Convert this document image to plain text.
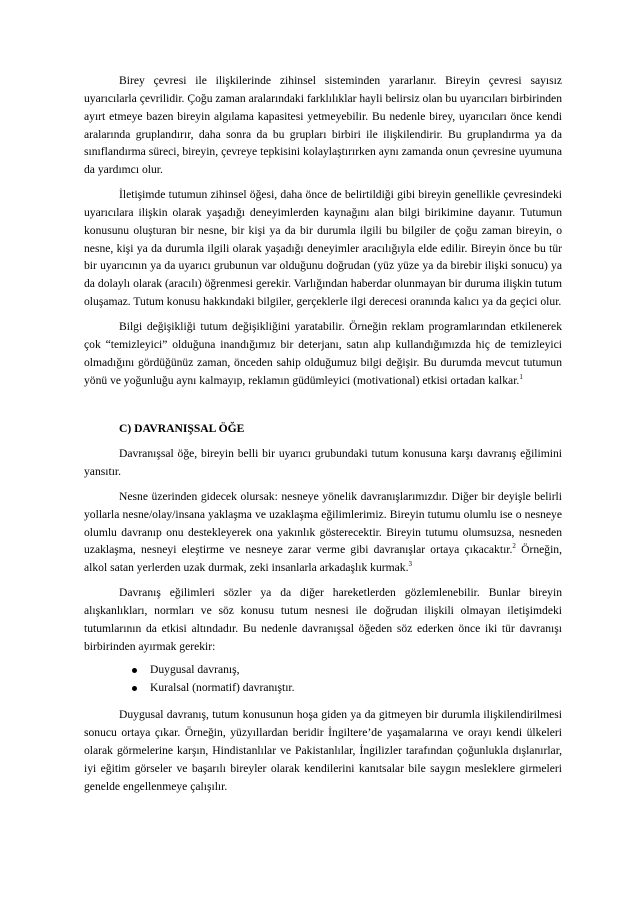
Birey çevresi ile ilişkilerinde zihinsel sisteminden yararlanır. Bireyin çevresi sayısız uyarıcılarla çevrilidir. Çoğu zaman aralarındaki farklılıklar hayli belirsiz olan bu uyarıcıları birbirinden ayırt etmeye bazen bireyin algılama kapasitesi yetmeyebilir. Bu nedenle birey, uyarıcıları önce kendi aralarında gruplandırır, daha sonra da bu grupları birbiri ile ilişkilendirir. Bu gruplandırma ya da sınıflandırma süreci, bireyin, çevreye tepkisini kolaylaştırırken aynı zamanda onun çevresine uyumuna da yardımcı olur.

İletişimde tutumun zihinsel öğesi, daha önce de belirtildiği gibi bireyin genellikle çevresindeki uyarıcılara ilişkin olarak yaşadığı deneyimlerden kaynağını alan bilgi birikimine dayanır. Tutumun konusunu oluşturan bir nesne, bir kişi ya da bir durumla ilgili bu bilgiler de çoğu zaman bireyin, o nesne, kişi ya da durumla ilgili olarak yaşadığı deneyimler aracılığıyla elde edilir. Bireyin önce bu tür bir uyarıcının ya da uyarıcı grubunun var olduğunu doğrudan (yüz yüze ya da birebir ilişki sonucu) ya da dolaylı olarak (aracılı) öğrenmesi gerekir. Varlığından haberdar olunmayan bir duruma ilişkin tutum oluşamaz. Tutum konusu hakkındaki bilgiler, gerçeklerle ilgi derecesi oranında kalıcı ya da geçici olur.

Bilgi değişikliği tutum değişikliğini yaratabilir. Örneğin reklam programlarından etkilenerek çok “temizleyici” olduğuna inandığımız bir deterjanı, satın alıp kullandığımızda hiç de temizleyici olmadığını gördüğünüz zaman, önceden sahip olduğumuz bilgi değişir. Bu durumda mevcut tutumun yönü ve yoğunluğu aynı kalmayıp, reklamın güdümleyici (motivational) etkisi ortadan kalkar.$^1$

C) DAVRANIŞSAL ÖĞE

Davranışsal öğe, bireyin belli bir uyarıcı grubundaki tutum konusuna karşı davranış eğilimini yansıtır.

Nesne üzerinden gidecek olursak: nesneye yönelik davranışlarımızdır. Diğer bir deyişle belirli yollarla nesne/olay/insana yaklaşma ve uzaklaşma eğilimlerimiz. Bireyin tutumu olumlu ise o nesneye olumlu davranıp onu destekleyerek ona yakınlık gösterecektir. Bireyin tutumu olumsuzsa, nesneden uzaklaşma, nesneyi eleştirme ve nesneye zarar verme gibi davranışlar ortaya çıkacaktır.$^2$ Örneğin, alkol satan yerlerden uzak durmak, zeki insanlarla arkadaşlık kurmak.$^3$

Davranış eğilimleri sözler ya da diğer hareketlerden gözlemlenebilir. Bunlar bireyin alışkanlıkları, normları ve söz konusu tutum nesnesi ile doğrudan ilişkili olmayan iletişimdeki tutumlarının da etkisi altındadır. Bu nedenle davranışsal öğeden söz ederken önce iki tür davranışı birbirinden ayırmak gerekir:

Duygusal davranış,
Kuralsal (normatif) davranıştır.

Duygusal davranış, tutum konusunun hoşa giden ya da gitmeyen bir durumla ilişkilendirilmesi sonucu ortaya çıkar. Örneğin, yüzyıllardan beridir İngiltere’de yaşamalarına ve orayı kendi ülkeleri olarak görmelerine karşın, Hindistanlılar ve Pakistanlılar, İngilizler tarafından çoğunlukla dışlanırlar, iyi eğitim görseler ve başarılı bireyler olarak kendilerini kanıtsalar bile saygın mesleklere girmeleri genelde engellenmeye çalışılır.
